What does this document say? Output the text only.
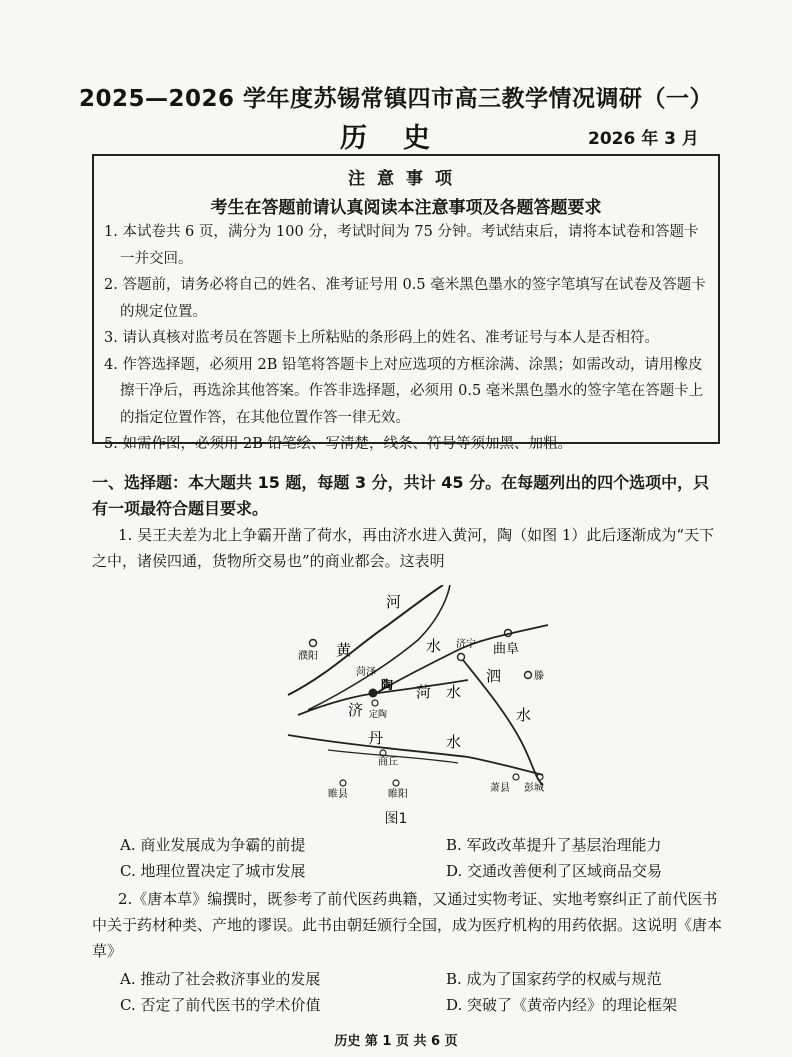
2025—2026 学年度苏锡常镇四市高三教学情况调研（一）
历史	2026 年 3 月
注意事项
考生在答题前请认真阅读本注意事项及各题答题要求
1. 本试卷共 6 页，满分为 100 分，考试时间为 75 分钟。考试结束后，请将本试卷和答题卡一并交回。
2. 答题前，请务必将自己的姓名、准考证号用 0.5 毫米黑色墨水的签字笔填写在试卷及答题卡的规定位置。
3. 请认真核对监考员在答题卡上所粘贴的条形码上的姓名、准考证号与本人是否相符。
4. 作答选择题，必须用 2B 铅笔将答题卡上对应选项的方框涂满、涂黑；如需改动，请用橡皮擦干净后，再选涂其他答案。作答非选择题，必须用 0.5 毫米黑色墨水的签字笔在答题卡上的指定位置作答，在其他位置作答一律无效。
5. 如需作图，必须用 2B 铅笔绘、写清楚，线条、符号等须加黑、加粗。
一、选择题：本大题共 15 题，每题 3 分，共计 45 分。在每题列出的四个选项中，只有一项最符合题目要求。
1. 吴王夫差为北上争霸开凿了荷水，再由济水进入黄河，陶（如图 1）此后逐渐成为“天下之中，诸侯四通，货物所交易也”的商业都会。这表明
河
黄	水
济
菏 水
泗
水
丹	水
濮阳
菏泽
陶
定陶
济宁 曲阜
滕
商丘
睢县	睢阳
萧县 彭城
图1
A. 商业发展成为争霸的前提	B. 军政改革提升了基层治理能力
C. 地理位置决定了城市发展	D. 交通改善便利了区域商品交易
2.《唐本草》编撰时，既参考了前代医药典籍，又通过实物考证、实地考察纠正了前代医书中关于药材种类、产地的谬误。此书由朝廷颁行全国，成为医疗机构的用药依据。这说明《唐本草》
A. 推动了社会救济事业的发展	B. 成为了国家药学的权威与规范
C. 否定了前代医书的学术价值	D. 突破了《黄帝内经》的理论框架
历史 第 1 页 共 6 页
